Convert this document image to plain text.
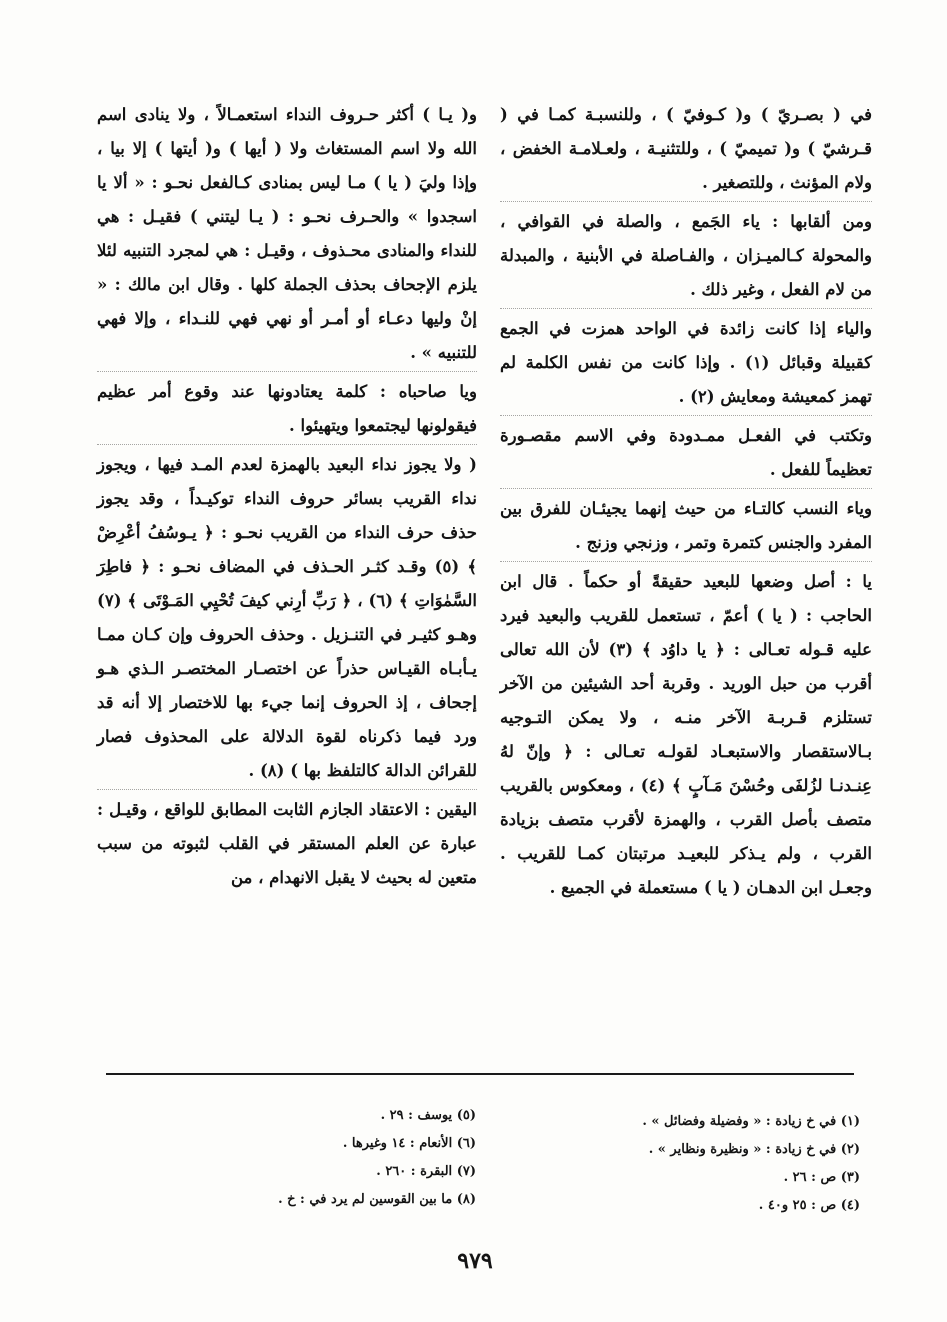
في ( بصـريّ ) و( كـوفيّ ) ، وللنسبـة كمـا في ( قـرشيّ ) و( تميميّ ) ، وللتثنيـة ، ولعـلامـة الخفض ، ولام المؤنث ، وللتصغير .

ومن ألقابها : ياء الجَمع ، والصلة في القوافي ، والمحولة كـالميـزان ، والفـاصلة في الأبنية ، والمبدلة من لام الفعل ، وغير ذلك .

والياء إذا كانت زائدة في الواحد همزت في الجمع كقبيلة وقبائل (١) . وإذا كانت من نفس الكلمة لم تهمز كمعيشة ومعايش (٢) .

وتكتب في الفعـل ممـدودة وفي الاسم مقصـورة تعظيماً للفعل .

وياء النسب كالتـاء من حيث إنهما يجيئـان للفرق بين المفرد والجنس كتمرة وتمر ، وزنجي وزنج .

يا : أصل وضعها للبعيد حقيقةً أو حكماً . قال ابن الحاجب : ( يا ) أعمّ ، تستعمل للقريب والبعيد فيرد عليه قـوله تعـالى : ﴿ يا داوُد ﴾ (٣) لأن الله تعالى أقرب من حبل الوريد . وقربة أحد الشيئين من الآخر تستلزم قـربـة الآخر منـه ، ولا يمكن التـوجيه بـالاستقصار والاستبعـاد لقولـه تعـالى : ﴿ وإنّ لهُ عِنـدنـا لزُلفَى وحُسْنَ مَـآبٍ ﴾ (٤) ، ومعكوس بالقريب متصف بأصل القرب ، والهمزة لأقرب متصف بزيادة القرب ، ولم يـذكر للبعيـد مرتبتان كمـا للقريب . وجعـل ابن الدهـان ( يا ) مستعملة في الجميع .

و( يـا ) أكثر حـروف النداء استعمـالاً ، ولا ينادى اسم الله ولا اسم المستغاث ولا ( أيها ) و( أيتها ) إلا بيا ، وإذا وليَ ( يا ) مـا ليس بمنادى كـالفعل نحـو : « ألا يا اسجدوا » والحـرف نحـو : ( يـا ليتني ) فقيـل : هي للنداء والمنادى محـذوف ، وقيـل : هي لمجرد التنبيه لئلا يلزم الإجحاف بحذف الجملة كلها . وقال ابن مالك : « إنْ وليها دعـاء أو أمـر أو نهي فهي للنـداء ، وإلا فهي للتنبيه » .

ويا صاحباه : كلمة يعتادونها عند وقوع أمر عظيم فيقولونها ليجتمعوا ويتهيئوا .

( ولا يجوز نداء البعيد بالهمزة لعدم المـد فيها ، ويجوز نداء القريب بسائر حروف النداء توكيـداً ، وقد يجوز حذف حرف النداء من القريب نحـو : ﴿ يـوسُفُ أعْرِضْ ﴾ (٥) وقـد كثـر الحـذف في المضاف نحـو : ﴿ فاطِرَ السَّمٰوَاتِ ﴾ (٦) ، ﴿ رَبِّ أرِني كيفَ تُحْيِي المَـوْتَى ﴾ (٧) وهـو كثيـر في التنـزيل . وحذف الحروف وإن كـان ممـا يـأبـاه القيـاس حذراً عن اختصـار المختصـر الـذي هـو إجحاف ، إذ الحروف إنما جيء بها للاختصار إلا أنه قد ورد فيما ذكرناه لقوة الدلالة على المحذوف فصار للقرائن الدالة كالتلفظ بها ) (٨) .

اليقين : الاعتقاد الجازم الثابت المطابق للواقع ، وقيـل : عبارة عن العلم المستقر في القلب لثبوته من سبب متعين له بحيث لا يقبل الانهدام ، من

(١) في خ زيادة : « وفضيلة وفضائل » .
(٢) في خ زيادة : « ونظيرة ونظاير » .
(٣) ص : ٢٦ .
(٤) ص : ٢٥ و٤٠ .
(٥) يوسف : ٢٩ .
(٦) الأنعام : ١٤ وغيرها .
(٧) البقرة : ٢٦٠ .
(٨) ما بين القوسين لم يرد في : خ .
٩٧٩
